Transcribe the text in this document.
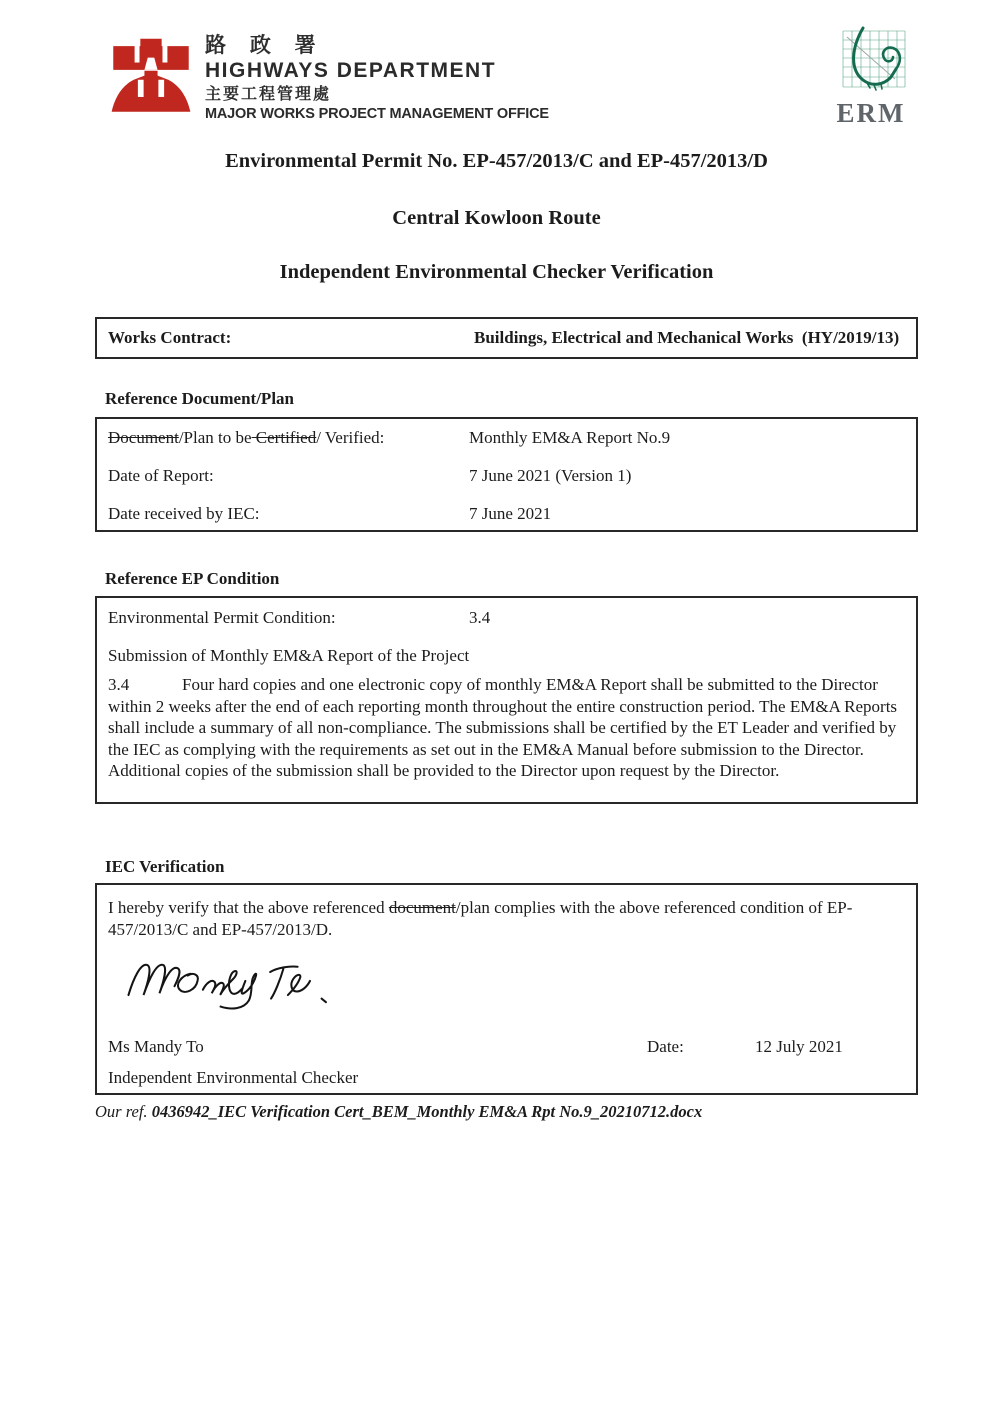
路 政 署
HIGHWAYS DEPARTMENT
主要工程管理處
MAJOR WORKS PROJECT MANAGEMENT OFFICE	ERM
Environmental Permit No. EP-457/2013/C and EP-457/2013/D
Central Kowloon Route
Independent Environmental Checker Verification
Works Contract:	Buildings, Electrical and Mechanical Works  (HY/2019/13)
Reference Document/Plan
Document/Plan to be Certified/ Verified:	Monthly EM&A Report No.9
Date of Report:	7 June 2021 (Version 1)
Date received by IEC:	7 June 2021
Reference EP Condition
Environmental Permit Condition:	3.4
Submission of Monthly EM&A Report of the Project
3.4	Four hard copies and one electronic copy of monthly EM&A Report shall be submitted to the Director within 2 weeks after the end of each reporting month throughout the entire construction period. The EM&A Reports shall include a summary of all non-compliance. The submissions shall be certified by the ET Leader and verified by the IEC as complying with the requirements as set out in the EM&A Manual before submission to the Director. Additional copies of the submission shall be provided to the Director upon request by the Director.
IEC Verification
I hereby verify that the above referenced document/plan complies with the above referenced condition of EP-457/2013/C and EP-457/2013/D.
Ms Mandy To	Date:	12 July 2021
Independent Environmental Checker
Our ref. 0436942_IEC Verification Cert_BEM_Monthly EM&A Rpt No.9_20210712.docx
